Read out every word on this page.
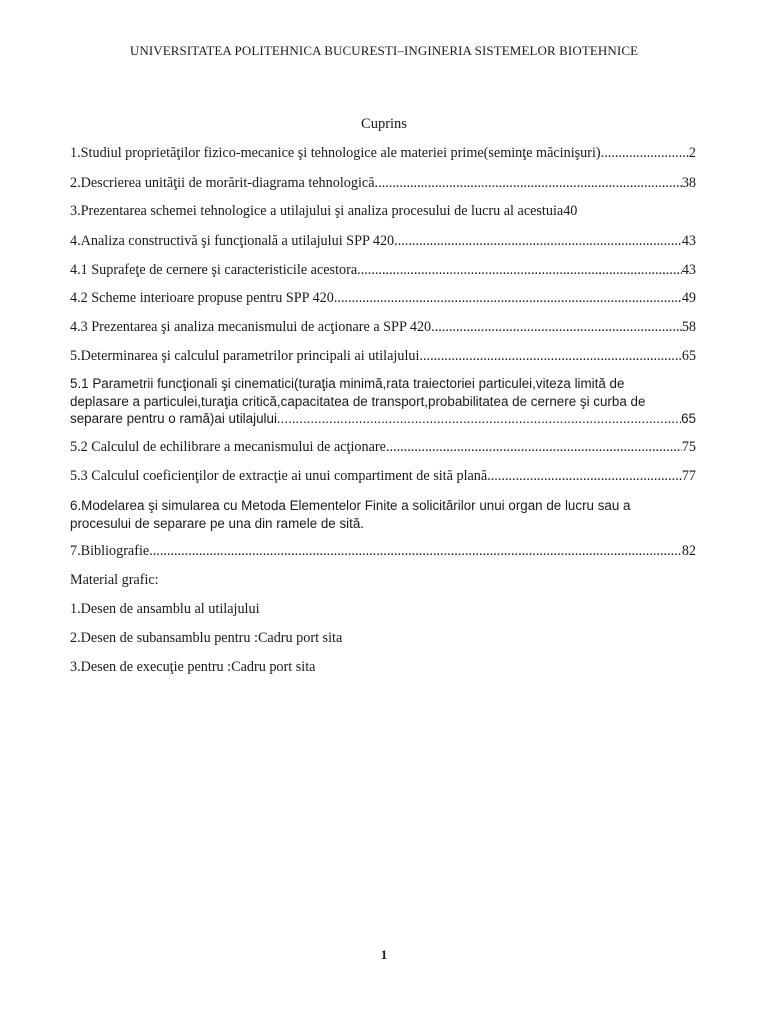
UNIVERSITATEA POLITEHNICA BUCURESTI–INGINERIA SISTEMELOR BIOTEHNICE
Cuprins
1.Studiul proprietăţilor fizico-mecanice şi tehnologice ale materiei prime(seminţe măcinişuri) .....	2
2.Descrierea unităţii de morărit-diagrama tehnologică .....	38
3.Prezentarea schemei tehnologice a utilajului şi analiza procesului de lucru al acestuia40
4.Analiza constructivă şi funcţională a utilajului SPP 420 .....	43
4.1 Suprafeţe de cernere şi caracteristicile acestora .....	43
4.2 Scheme interioare propuse pentru SPP 420 .....	49
4.3 Prezentarea şi analiza mecanismului de acţionare a SPP 420 .....	58
5.Determinarea şi calculul parametrilor principali ai utilajului .....	65
5.1 Parametrii funcţionali şi cinematici(turaţia minimă,rata traiectoriei particulei,viteza limită de
deplasare a particulei,turaţia critică,capacitatea de transport,probabilitatea de cernere şi curba de
separare pentru o ramă)ai utilajului .....	65
5.2 Calculul de echilibrare a mecanismului de acţionare .....	75
5.3 Calculul coeficienţilor de extracţie ai unui compartiment de sită plană .....	77
6.Modelarea şi simularea cu Metoda Elementelor Finite a solicitărilor unui organ de lucru sau a
procesului de separare pe una din ramele de sită.
7.Bibliografie .....	82
Material grafic:
1.Desen de ansamblu al utilajului
2.Desen de subansamblu pentru :Cadru port sita
3.Desen de execuţie pentru :Cadru port sita
1
